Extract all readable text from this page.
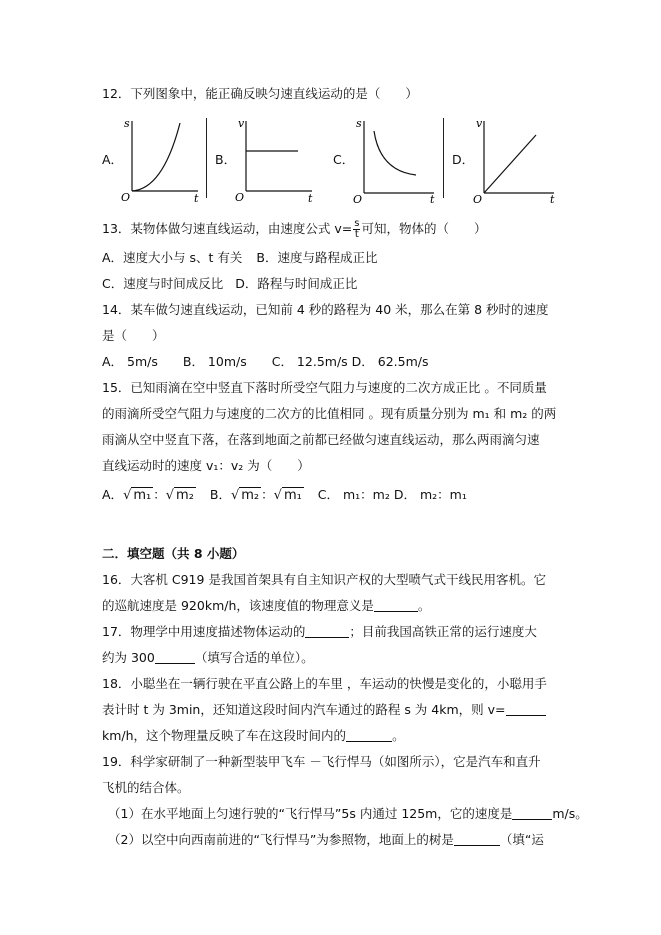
12．下列图象中，能正确反映匀速直线运动的是（　　）
A．
s
t
O
B．
v
t
O
C．
s
t
O
D．
v
t
O
13．某物体做匀速直线运动，由速度公式 $v= \frac{s}{t}$ 可知，物体的（　　）
A．速度大小与 s、t 有关 B．速度与路程成正比
C．速度与时间成反比 D．路程与时间成正比
14．某车做匀速直线运动，已知前 4 秒的路程为 40 米，那么在第 8 秒时的速度
是（　　）
A． 5m/s　　B． 10m/s　　C． 12.5m/s D． 62.5m/s
15．已知雨滴在空中竖直下落时所受空气阻力与速度的二次方成正比 。不同质量
的雨滴所受空气阻力与速度的二次方的比值相同 。现有质量分别为 m₁ 和 m₂ 的两
雨滴从空中竖直下落，在落到地面之前都已经做匀速直线运动，那么两雨滴匀速
直线运动时的速度 v₁：v₂ 为（　　）
A．√ m₁ ：√ m₂ B．√ m₂ ：√ m₁ C． m₁：m₂ D． m₂：m₁
二．填空题（共 8 小题）
16．大客机 C919 是我国首架具有自主知识产权的大型喷气式干线民用客机。它
的巡航速度是 920km/h，该速度值的物理意义是	。
17．物理学中用速度描述物体运动的	；目前我国高铁正常的运行速度大
约为 300	（填写合适的单位）。
18．小聪坐在一辆行驶在平直公路上的车里 ，车运动的快慢是变化的，小聪用手
表计时 t 为 3min，还知道这段时间内汽车通过的路程 s 为 4km，则 v=
km/h，这个物理量反映了车在这段时间内的	。
19．科学家研制了一种新型装甲飞车 －飞行悍马（如图所示），它是汽车和直升
飞机的结合体。
（1）在水平地面上匀速行驶的“飞行悍马”5s 内通过 125m，它的速度是	m/s。
（2）以空中向西南前进的“飞行悍马”为参照物，地面上的树是	（填“运
